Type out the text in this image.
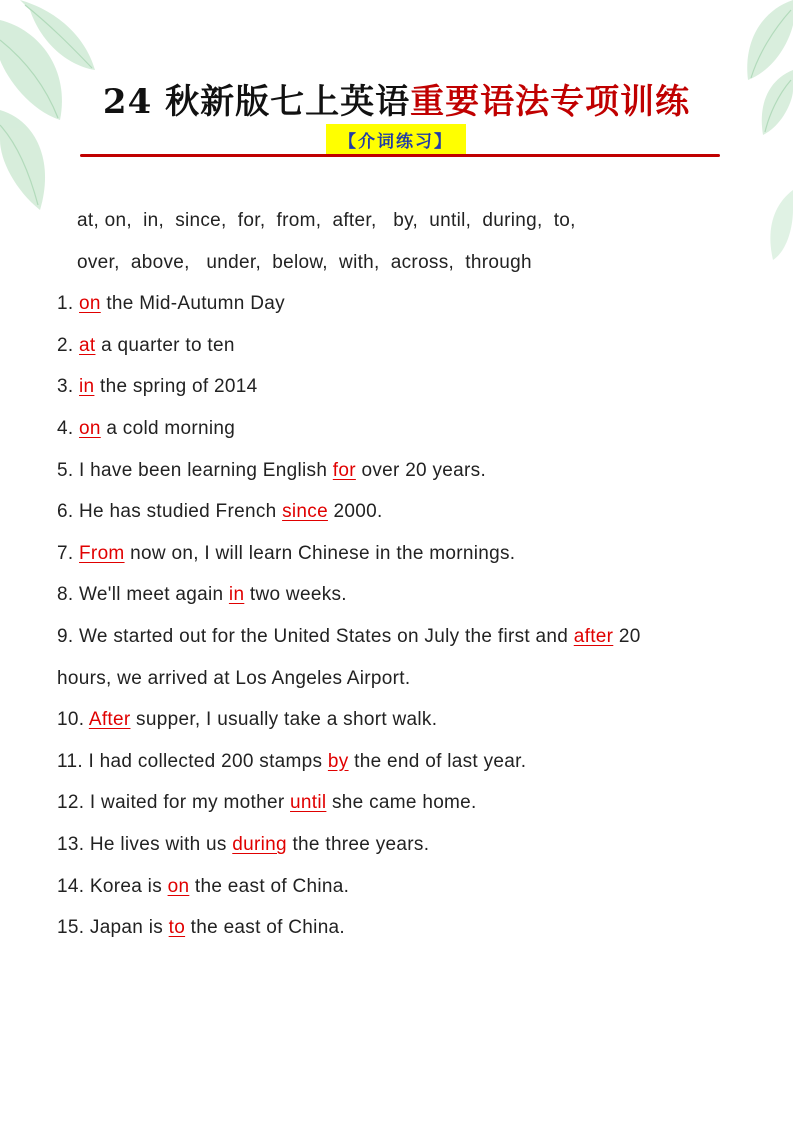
24 秋新版七上英语重要语法专项训练
【介词练习】
at, on,  in,  since,  for,  from,  after,   by,  until,  during,  to,
over,  above,   under,  below,  with,  across,  through
1. on the Mid-Autumn Day
2. at a quarter to ten
3. in the spring of 2014
4. on a cold morning
5. I have been learning English for over 20 years.
6. He has studied French since 2000.
7. From now on, I will learn Chinese in the mornings.
8. We'll meet again in two weeks.
9. We started out for the United States on July the first and after 20
hours, we arrived at Los Angeles Airport.
10. After supper, I usually take a short walk.
11. I had collected 200 stamps by the end of last year.
12. I waited for my mother until she came home.
13. He lives with us during the three years.
14. Korea is on the east of China.
15. Japan is to the east of China.
